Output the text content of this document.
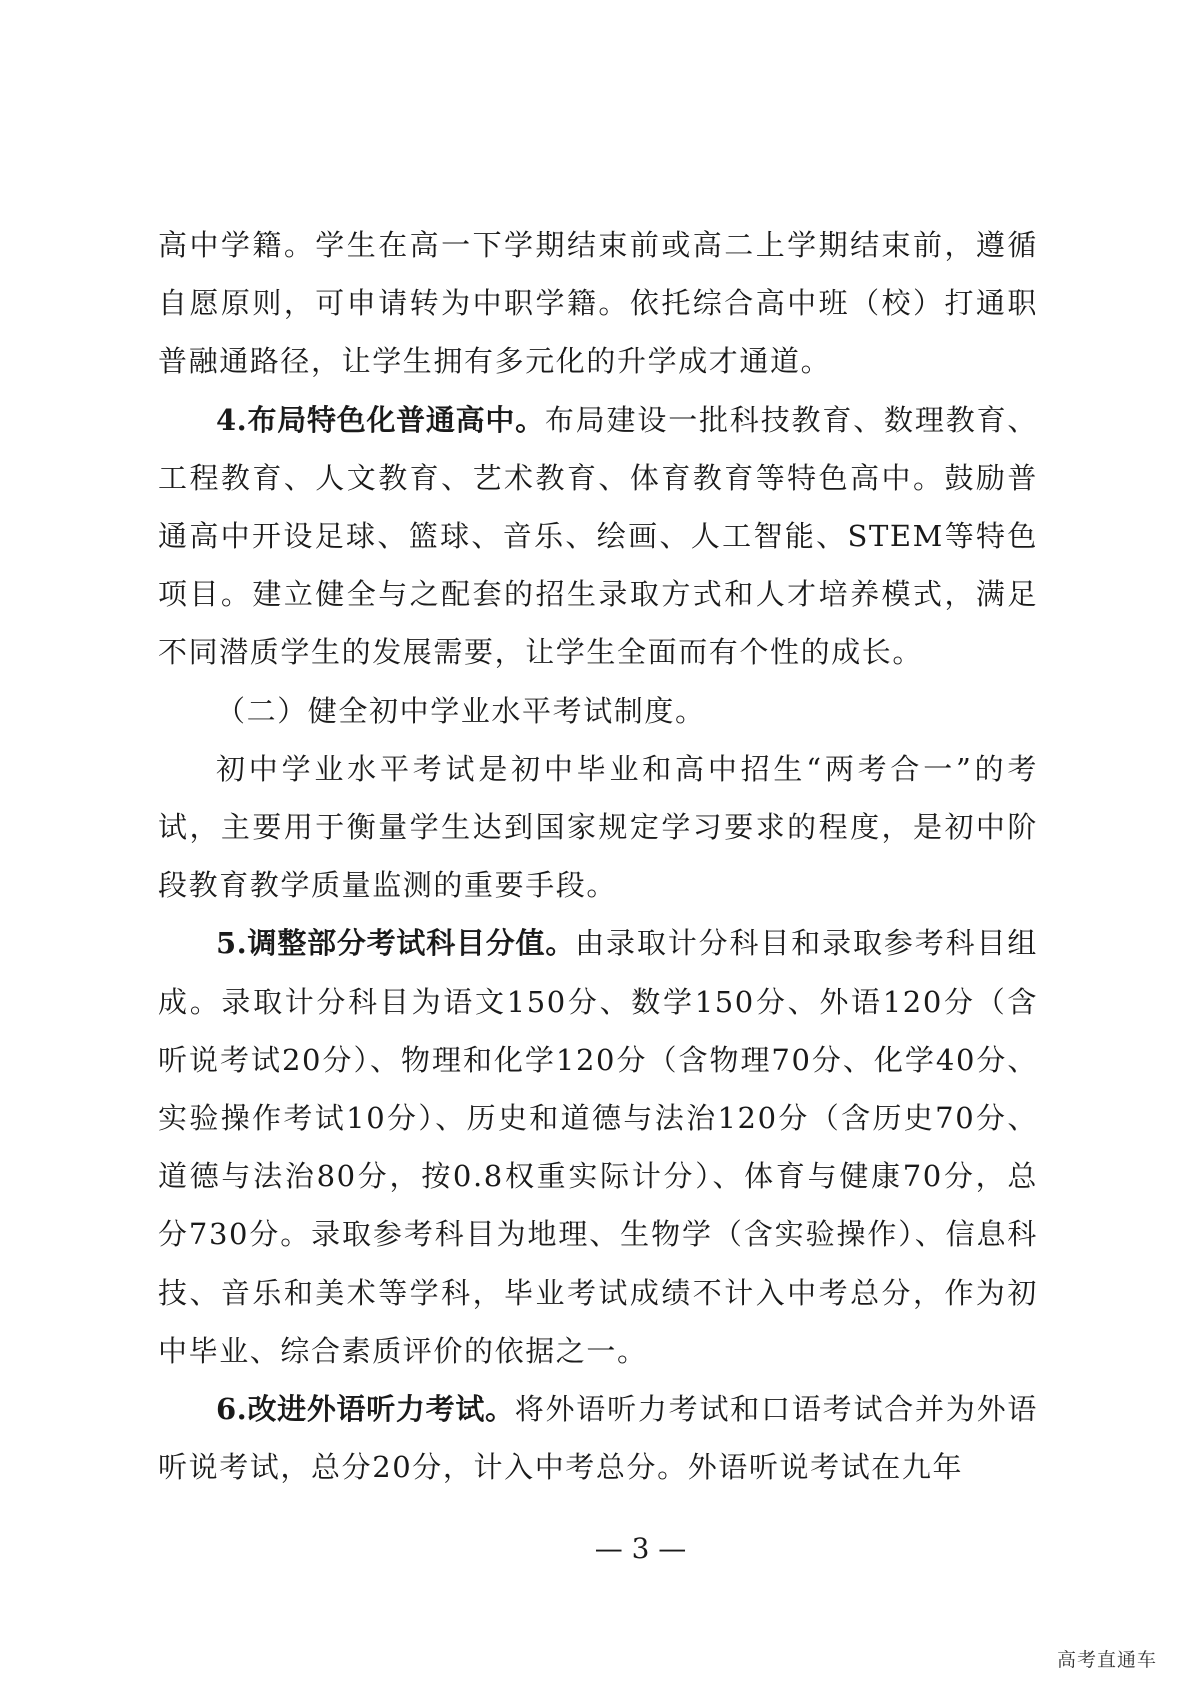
高中学籍。学生在高一下学期结束前或高二上学期结束前，遵循自愿原则，可申请转为中职学籍。依托综合高中班（校）打通职普融通路径，让学生拥有多元化的升学成才通道。

4.布局特色化普通高中。布局建设一批科技教育、数理教育、工程教育、人文教育、艺术教育、体育教育等特色高中。鼓励普通高中开设足球、篮球、音乐、绘画、人工智能、STEM等特色项目。建立健全与之配套的招生录取方式和人才培养模式，满足不同潜质学生的发展需要，让学生全面而有个性的成长。

（二）健全初中学业水平考试制度。

初中学业水平考试是初中毕业和高中招生“两考合一”的考试，主要用于衡量学生达到国家规定学习要求的程度，是初中阶段教育教学质量监测的重要手段。

5.调整部分考试科目分值。由录取计分科目和录取参考科目组成。录取计分科目为语文150分、数学150分、外语120分（含听说考试20分）、物理和化学120分（含物理70分、化学40分、实验操作考试10分）、历史和道德与法治120分（含历史70分、道德与法治80分，按0.8权重实际计分）、体育与健康70分，总分730分。录取参考科目为地理、生物学（含实验操作）、信息科技、音乐和美术等学科，毕业考试成绩不计入中考总分，作为初中毕业、综合素质评价的依据之一。

6.改进外语听力考试。将外语听力考试和口语考试合并为外语听说考试，总分20分，计入中考总分。外语听说考试在九年

— 3 —
高考直通车
